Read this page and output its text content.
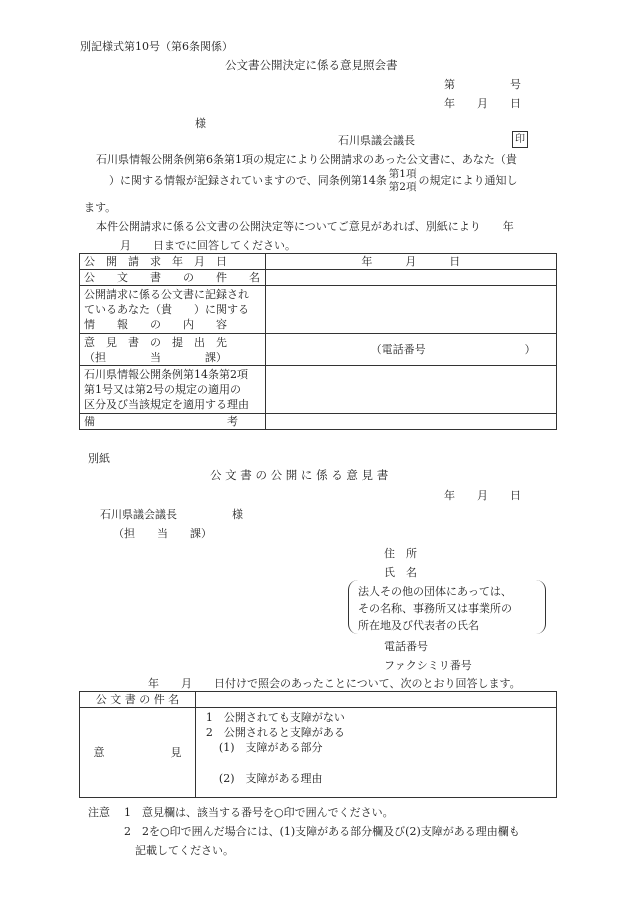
別記様式第10号（第6条関係）
公文書公開決定に係る意見照会書
第　　　　　号
年　　月　　日
様
石川県議会議長	印
石川県情報公開条例第6条第1項の規定により公開請求のあった公文書に、あなた（貴
）に関する情報が記録されていますので、同条例第14条 第1項
第2項 の規定により通知し
ます。
本件公開請求に係る公文書の公開決定等についてご意見があれば、別紙により　　年
月　　日までに回答してください。
公　開　請　求　年　月　日	年　　　月　　　日
公　　文　　書　　の　　件　　名	
公開請求に係る公文書に記録され
ているあなた（貴　　）に関する
情　　報　　の　　内　　容	
意　見　書　の　提　出　先
（担　　　　当　　　　課）	（電話番号　　　　　　　　　）
石川県情報公開条例第14条第2項
第1号又は第2号の規定の適用の
区分及び当該規定を適用する理由	
備　　　　　　　　　　　　考	
別紙
公 文 書 の 公 開 に 係 る 意 見 書
年　　月　　日
石川県議会議長　　　　　様
（担　　当　　課）
住　所
氏　名
法人その他の団体にあっては、
その名称、事務所又は事業所の
所在地及び代表者の氏名
電話番号
ファクシミリ番号
年　　月　　日付けで照会のあったことについて、次のとおり回答します。
公 文 書 の 件 名	
意　　　　　　見	1　公開されても支障がない
2　公開されると支障がある
(1)　支障がある部分
(2)　支障がある理由
注意 1　意見欄は、該当する番号を○印で囲んでください。
2　2を○印で囲んだ場合には、(1)支障がある部分欄及び(2)支障がある理由欄も
記載してください。
